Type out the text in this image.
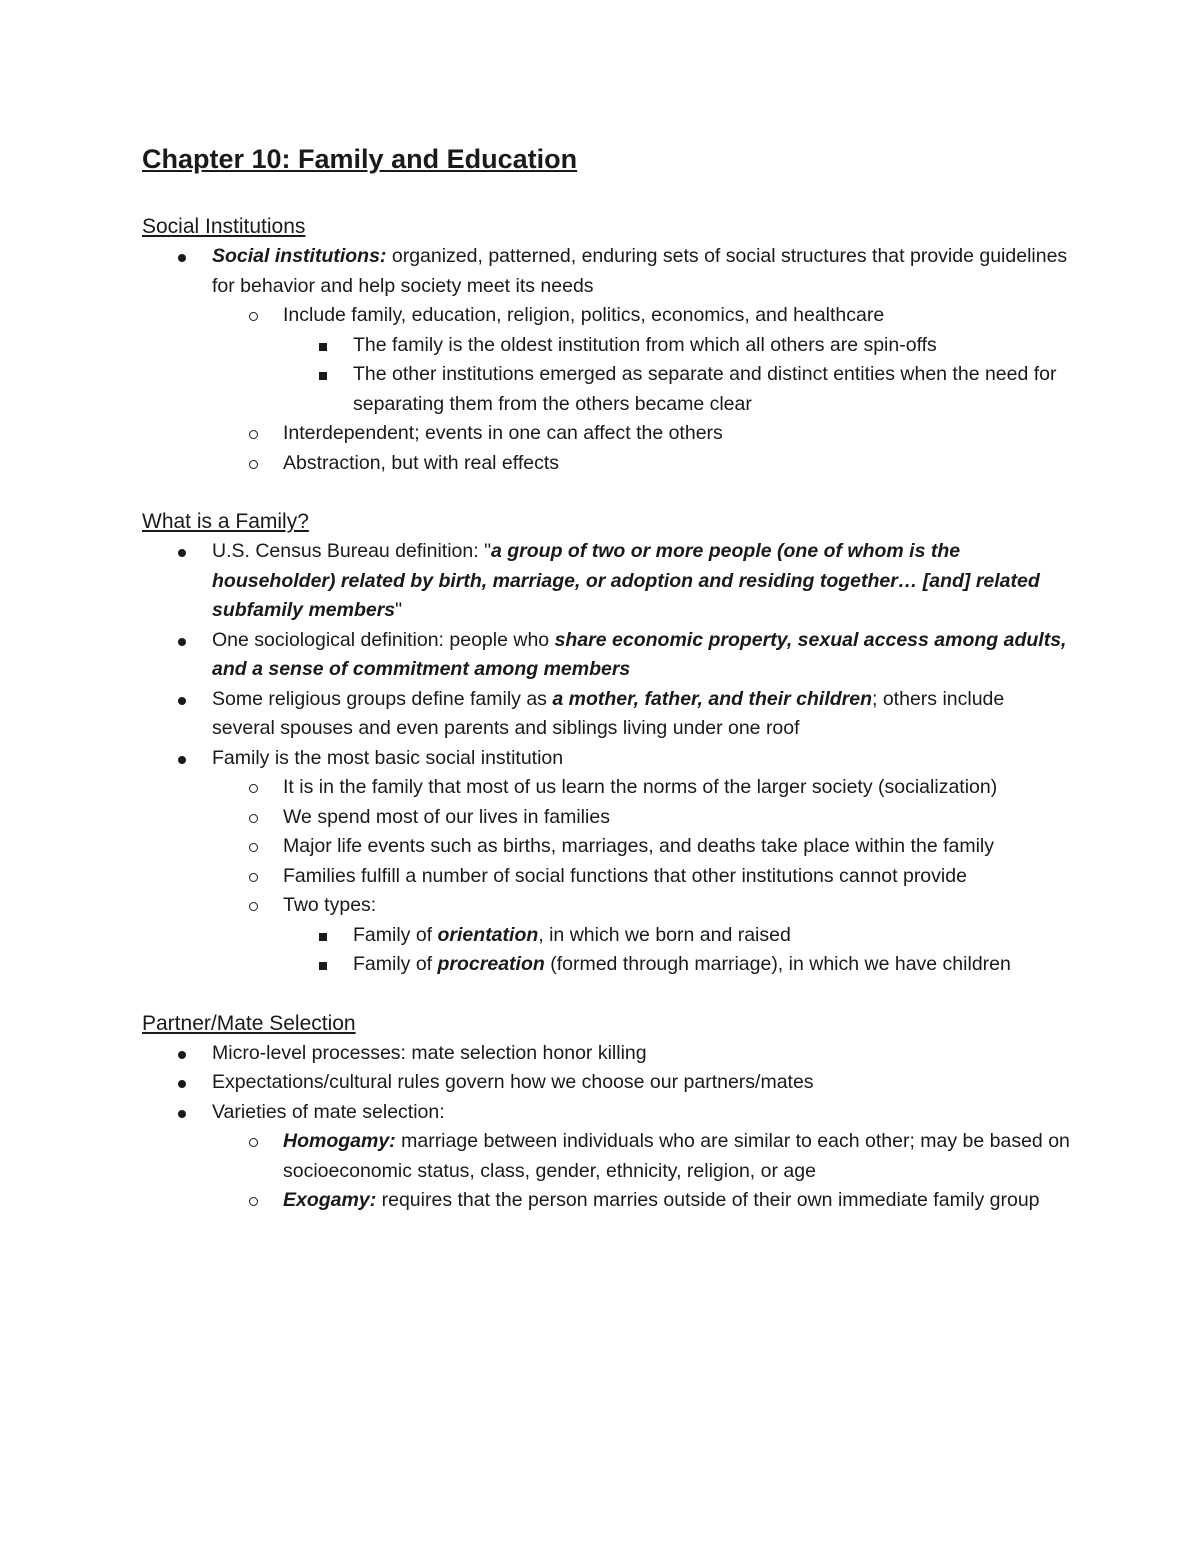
Chapter 10: Family and Education
Social Institutions
Social institutions: organized, patterned, enduring sets of social structures that provide guidelines for behavior and help society meet its needs
Include family, education, religion, politics, economics, and healthcare
The family is the oldest institution from which all others are spin-offs
The other institutions emerged as separate and distinct entities when the need for separating them from the others became clear
Interdependent; events in one can affect the others
Abstraction, but with real effects
What is a Family?
U.S. Census Bureau definition: "a group of two or more people (one of whom is the householder) related by birth, marriage, or adoption and residing together… [and] related subfamily members"
One sociological definition: people who share economic property, sexual access among adults, and a sense of commitment among members
Some religious groups define family as a mother, father, and their children; others include several spouses and even parents and siblings living under one roof
Family is the most basic social institution
It is in the family that most of us learn the norms of the larger society (socialization)
We spend most of our lives in families
Major life events such as births, marriages, and deaths take place within the family
Families fulfill a number of social functions that other institutions cannot provide
Two types:
Family of orientation, in which we born and raised
Family of procreation (formed through marriage), in which we have children
Partner/Mate Selection
Micro-level processes: mate selection honor killing
Expectations/cultural rules govern how we choose our partners/mates
Varieties of mate selection:
Homogamy: marriage between individuals who are similar to each other; may be based on socioeconomic status, class, gender, ethnicity, religion, or age
Exogamy: requires that the person marries outside of their own immediate family group
